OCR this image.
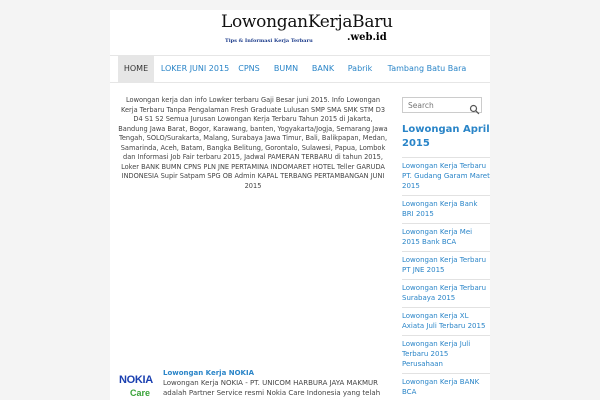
LowonganKerjaBaru
.web.id
Tips & Informasi Kerja Terbaru
HOME	LOKER JUNI 2015	CPNS	BUMN	BANK	Pabrik	Tambang Batu Bara
Lowongan kerja dan info Lowker terbaru Gaji Besar juni 2015. Info Lowongan Kerja Terbaru Tanpa Pengalaman Fresh Graduate Lulusan SMP SMA SMK STM D3 D4 S1 S2 Semua Jurusan Lowongan Kerja Terbaru Tahun 2015 di Jakarta, Bandung Jawa Barat, Bogor, Karawang, banten, Yogyakarta/Jogja, Semarang Jawa Tengah, SOLO/Surakarta, Malang, Surabaya Jawa Timur, Bali, Balikpapan, Medan, Samarinda, Aceh, Batam, Bangka Belitung, Gorontalo, Sulawesi, Papua, Lombok dan Informasi Job Fair terbaru 2015, Jadwal PAMERAN TERBARU di tahun 2015, Loker BANK BUMN CPNS PLN JNE PERTAMINA INDOMARET HOTEL Teller GARUDA INDONESIA Supir Satpam SPG OB Admin KAPAL TERBANG PERTAMBANGAN JUNI 2015
NOKIA
Care
Lowongan Kerja NOKIA
Lowongan Kerja NOKIA - PT. UNICOM HARBURA JAYA MAKMUR adalah Partner Service resmi Nokia Care Indonesia yang telah
Search
Lowongan April 2015
Lowongan Kerja Terbaru PT. Gudang Garam Maret 2015
Lowongan Kerja Bank BRI 2015
Lowongan Kerja Mei 2015 Bank BCA
Lowongan Kerja Terbaru PT JNE 2015
Lowongan Kerja Terbaru Surabaya 2015
Lowongan Kerja XL Axiata Juli Terbaru 2015
Lowongan Kerja Juli Terbaru 2015 Perusahaan
Lowongan Kerja BANK BCA
